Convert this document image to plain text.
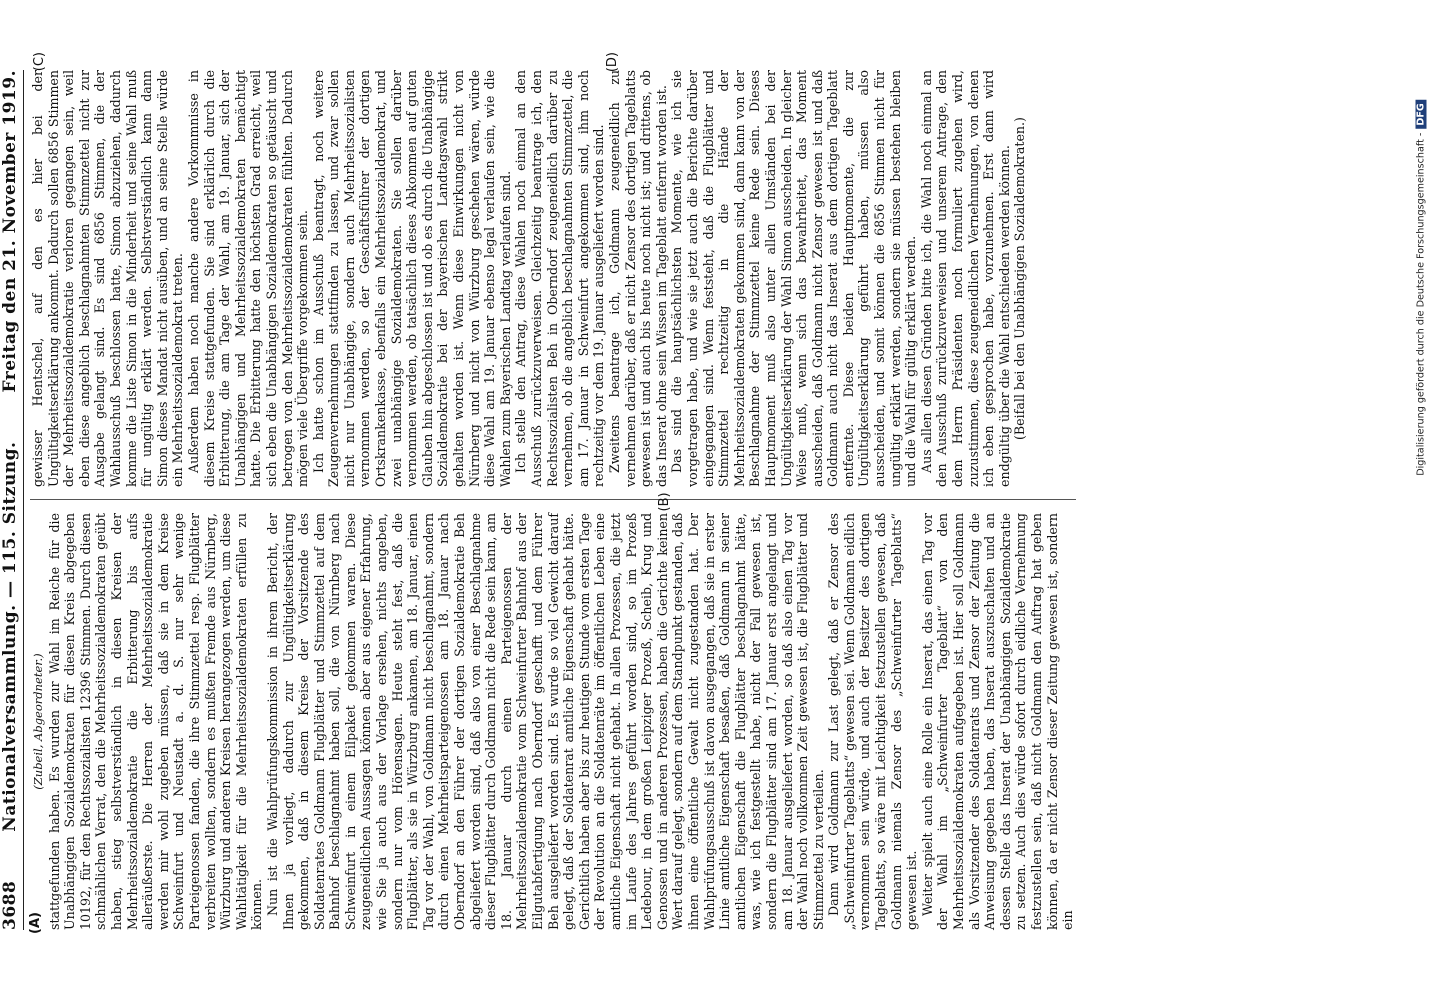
3688
Nationalversammlung. — 115. Sitzung.
Freitag den 21. November 1919.
(A)
(B)
(C)	(D)

(Zubeil, Abgeordneter.) stattgefunden haben. Es wurden zur Wahl im Reiche für die Unabhängigen Sozialdemokraten für diesen Kreis abgegeben 10192, für den Rechtssozialisten 12396 Stimmen. Durch diesen schmählichen Verrat, den die Mehrheitssozialdemokraten geübt haben, stieg selbstverständlich in diesen Kreisen der Mehrheitssozialdemokratie die Erbitterung bis aufs alleräußerste. Die Herren der Mehrheitssozialdemokratie werden mir wohl zugeben müssen, daß sie in dem Kreise Schweinfurt und Neustadt a. d. S. nur sehr wenige Parteigenossen fanden, die ihre Stimmzettel resp. Flugblätter verbreiten wollten, sondern es mußten Fremde aus Nürnberg, Würzburg und anderen Kreisen herangezogen werden, um diese Wahltätigkeit für die Mehrheitssozialdemokraten erfüllen zu können. Nun ist die Wahlprüfungskommission in ihrem Bericht, der Ihnen ja vorliegt, dadurch zur Ungültigkeitserklärung gekommen, daß in diesem Kreise der Vorsitzende des Soldatenrates Goldmann Flugblätter und Stimmzettel auf dem Bahnhof beschlagnahmt haben soll, die von Nürnberg nach Schweinfurt in einem Eilpaket gekommen waren. Diese zeugeneidlichen Aussagen können aber aus eigener Erfahrung, wie Sie ja auch aus der Vorlage ersehen, nichts angeben, sondern nur vom Hörensagen. Heute steht fest, daß die Flugblätter, als sie in Würzburg ankamen, am 18. Januar, einen Tag vor der Wahl, von Goldmann nicht beschlagnahmt, sondern durch einen Mehrheitsparteigenossen am 18. Januar nach Oberndorf an den Führer der dortigen Sozialdemokratie Beh abgeliefert worden sind, daß also von einer Beschlagnahme dieser Flugblätter durch Goldmann nicht die Rede sein kann, am 18. Januar durch einen Parteigenossen der Mehrheitssozialdemokratie vom Schweinfurter Bahnhof aus der Eilgutabfertigung nach Oberndorf geschafft und dem Führer Beh ausgeliefert worden sind. Es wurde so viel Gewicht darauf gelegt, daß der Soldatenrat amtliche Eigenschaft gehabt hätte. Gerichtlich haben aber bis zur heutigen Stunde vom ersten Tage der Revolution an die Soldatenräte im öffentlichen Leben eine amtliche Eigenschaft nicht gehabt. In allen Prozessen, die jetzt im Laufe des Jahres geführt worden sind, so im Prozeß Ledebour, in dem großen Leipziger Prozeß, Scheib, Krug und Genossen und in anderen Prozessen, haben die Gerichte keinen Wert darauf gelegt, sondern auf dem Standpunkt gestanden, daß ihnen eine öffentliche Gewalt nicht zugestanden hat. Der Wahlprüfungsausschuß ist davon ausgegangen, daß sie in erster Linie amtliche Eigenschaft besaßen, daß Goldmann in seiner amtlichen Eigenschaft die Flugblätter beschlagnahmt hätte, was, wie ich festgestellt habe, nicht der Fall gewesen ist, sondern die Flugblätter sind am 17. Januar erst angelangt und am 18. Januar ausgeliefert worden, so daß also einen Tag vor der Wahl noch vollkommen Zeit gewesen ist, die Flugblätter und Stimmzettel zu verteilen. Dann wird Goldmann zur Last gelegt, daß er Zensor des „Schweinfurter Tageblatts“ gewesen sei. Wenn Goldmann eidlich vernommen sein würde, und auch der Besitzer des dortigen Tageblatts, so wäre mit Leichtigkeit festzustellen gewesen, daß Goldmann niemals Zensor des „Schweinfurter Tageblatts“ gewesen ist. Weiter spielt auch eine Rolle ein Inserat, das einen Tag vor der Wahl im „Schweinfurter Tageblatt“ von den Mehrheitssozialdemokraten aufgegeben ist. Hier soll Goldmann als Vorsitzender des Soldatenrats und Zensor der Zeitung die Anweisung gegeben haben, das Inserat auszuschalten und an dessen Stelle das Inserat der Unabhängigen Sozialdemokratie zu setzen. Auch dies würde sofort durch eidliche Vernehmung festzustellen sein, daß nicht Goldmann den Auftrag hat geben können, da er nicht Zensor dieser Zeitung gewesen ist, sondern ein

gewisser Hentschel, auf den es hier bei der Ungültigkeitserklärung ankommt. Dadurch sollen 6856 Stimmen der Mehrheitssozialdemokratie verloren gegangen sein, weil eben diese angeblich beschlagnahmten Stimmzettel nicht zur Ausgabe gelangt sind. Es sind 6856 Stimmen, die der Wahlausschuß beschlossen hatte, Simon abzuziehen, dadurch komme die Liste Simon in die Minderheit und seine Wahl muß für ungültig erklärt werden. Selbstverständlich kann dann Simon dieses Mandat nicht ausüben, und an seine Stelle würde ein Mehrheitssozialdemokrat treten. Außerdem haben noch manche andere Vorkommnisse in diesem Kreise stattgefunden. Sie sind erklärlich durch die Erbitterung, die am Tage der Wahl, am 19. Januar, sich der Unabhängigen und Mehrheitssozialdemokraten bemächtigt hatte. Die Erbitterung hatte den höchsten Grad erreicht, weil sich eben die Unabhängigen Sozialdemokraten so getäuscht und betrogen von den Mehrheitssozialdemokraten fühlten. Dadurch mögen viele Übergriffe vorgekommen sein. Ich hatte schon im Ausschuß beantragt, noch weitere Zeugenvernehmungen stattfinden zu lassen, und zwar sollen nicht nur Unabhängige, sondern auch Mehrheitssozialisten vernommen werden, so der Geschäftsführer der dortigen Ortskrankenkasse, ebenfalls ein Mehrheitssozialdemokrat, und zwei unabhängige Sozialdemokraten. Sie sollen darüber vernommen werden, ob tatsächlich dieses Abkommen auf guten Glauben hin abgeschlossen ist und ob es durch die Unabhängige Sozialdemokratie bei der bayerischen Landtagswahl strikt gehalten worden ist. Wenn diese Einwirkungen nicht von Nürnberg und nicht von Würzburg geschehen wären, würde diese Wahl am 19. Januar ebenso legal verlaufen sein, wie die Wahlen zum Bayerischen Landtag verlaufen sind. Ich stelle den Antrag, diese Wahlen noch einmal an den Ausschuß zurückzuverweisen. Gleichzeitig beantrage ich, den Rechtssozialisten Beh in Oberndorf zeugeneidlich darüber zu vernehmen, ob die angeblich beschlagnahmten Stimmzettel, die am 17. Januar in Schweinfurt angekommen sind, ihm noch rechtzeitig vor dem 19. Januar ausgeliefert worden sind. Zweitens beantrage ich, Goldmann zeugeneidlich zu vernehmen darüber, daß er nicht Zensor des dortigen Tageblatts gewesen ist und auch bis heute noch nicht ist; und drittens, ob das Inserat ohne sein Wissen im Tageblatt entfernt worden ist. Das sind die hauptsächlichsten Momente, wie ich sie vorgetragen habe, und wie sie jetzt auch die Berichte darüber eingegangen sind. Wenn feststeht, daß die Flugblätter und Stimmzettel rechtzeitig in die Hände der Mehrheitssozialdemokraten gekommen sind, dann kann von der Beschlagnahme der Stimmzettel keine Rede sein. Dieses Hauptmoment muß also unter allen Umständen bei der Ungültigkeitserklärung der Wahl Simon ausscheiden. In gleicher Weise muß, wenn sich das bewahrheitet, das Moment ausscheiden, daß Goldmann nicht Zensor gewesen ist und daß Goldmann auch nicht das Inserat aus dem dortigen Tageblatt entfernte. Diese beiden Hauptmomente, die zur Ungültigkeitserklärung geführt haben, müssen also ausscheiden, und somit können die 6856 Stimmen nicht für ungültig erklärt werden, sondern sie müssen bestehen bleiben und die Wahl für gültig erklärt werden. Aus allen diesen Gründen bitte ich, die Wahl noch einmal an den Ausschuß zurückzuverweisen und unserem Antrage, den dem Herrn Präsidenten noch formuliert zugehen wird, zuzustimmen, diese zeugeneidlichen Vernehmungen, von denen ich eben gesprochen habe, vorzunehmen. Erst dann wird endgültig über die Wahl entschieden werden können. (Beifall bei den Unabhängigen Sozialdemokraten.)	Digitalisierung gefördert durch die Deutsche Forschungsgemeinschaft -DFG
